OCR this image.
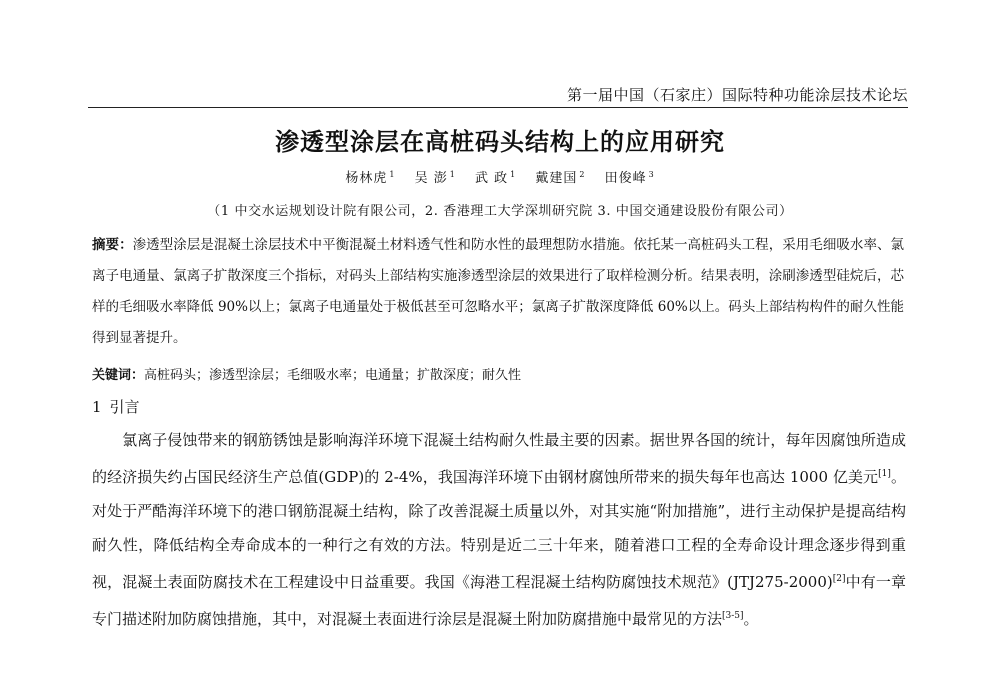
第一届中国（石家庄）国际特种功能涂层技术论坛
渗透型涂层在高桩码头结构上的应用研究
杨林虎 $^1$ 吴 澎 $^1$ 武 政 $^1$ 戴建国 $^2$ 田俊峰 $^3$
（1 中交水运规划设计院有限公司，2. 香港理工大学深圳研究院 3. 中国交通建设股份有限公司）
摘要：渗透型涂层是混凝土涂层技术中平衡混凝土材料透气性和防水性的最理想防水措施。依托某一高桩码头工程，采用毛细吸水率、氯离子电通量、氯离子扩散深度三个指标，对码头上部结构实施渗透型涂层的效果进行了取样检测分析。结果表明，涂刷渗透型硅烷后，芯样的毛细吸水率降低 90%以上；氯离子电通量处于极低甚至可忽略水平；氯离子扩散深度降低 60%以上。码头上部结构构件的耐久性能得到显著提升。
关键词：高桩码头；渗透型涂层；毛细吸水率；电通量；扩散深度；耐久性
1 引言
氯离子侵蚀带来的钢筋锈蚀是影响海洋环境下混凝土结构耐久性最主要的因素。据世界各国的统计，每年因腐蚀所造成的经济损失约占国民经济生产总值(GDP)的 2-4%，我国海洋环境下由钢材腐蚀所带来的损失每年也高达 1000 亿美元[1]。对处于严酷海洋环境下的港口钢筋混凝土结构，除了改善混凝土质量以外，对其实施“附加措施”，进行主动保护是提高结构耐久性，降低结构全寿命成本的一种行之有效的方法。特别是近二三十年来，随着港口工程的全寿命设计理念逐步得到重视，混凝土表面防腐技术在工程建设中日益重要。我国《海港工程混凝土结构防腐蚀技术规范》(JTJ275-2000)[2]中有一章专门描述附加防腐蚀措施，其中，对混凝土表面进行涂层是混凝土附加防腐措施中最常见的方法[3-5]。
